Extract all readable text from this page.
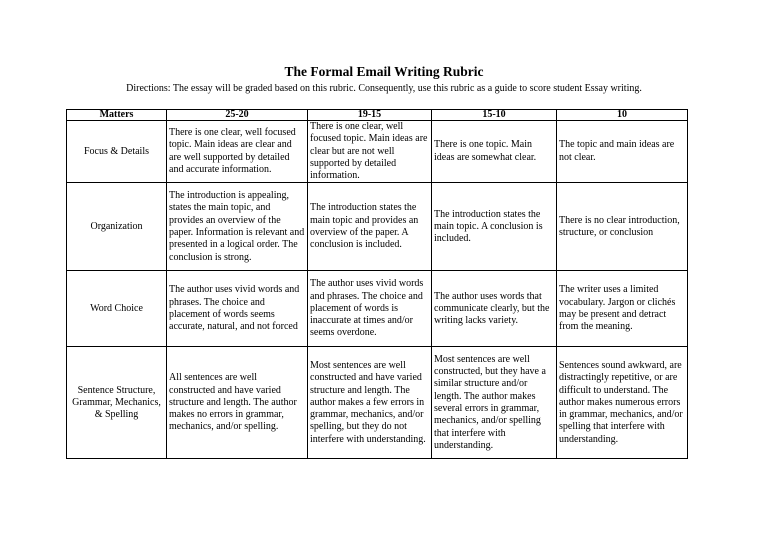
The Formal Email Writing Rubric
Directions: The essay will be graded based on this rubric. Consequently, use this rubric as a guide to score student Essay writing.
Matters	25-20	19-15	15-10	10
Focus & Details	There is one clear, well focused topic. Main ideas are clear and are well supported by detailed and accurate information.	There is one clear, well focused topic. Main ideas are clear but are not well supported by detailed information.	There is one topic. Main ideas are somewhat clear.	The topic and main ideas are not clear.
Organization	The introduction is appealing, states the main topic, and provides an overview of the paper. Information is relevant and presented in a logical order. The conclusion is strong.	The introduction states the main topic and provides an overview of the paper. A conclusion is included.	The introduction states the main topic. A conclusion is included.	There is no clear introduction, structure, or conclusion
Word Choice	The author uses vivid words and phrases. The choice and placement of words seems accurate, natural, and not forced	The author uses vivid words and phrases. The choice and placement of words is inaccurate at times and/or seems overdone.	The author uses words that communicate clearly, but the writing lacks variety.	The writer uses a limited vocabulary. Jargon or clichés may be present and detract from the meaning.
Sentence Structure, Grammar, Mechanics, & Spelling	All sentences are well constructed and have varied structure and length. The author makes no errors in grammar, mechanics, and/or spelling.	Most sentences are well constructed and have varied structure and length. The author makes a few errors in grammar, mechanics, and/or spelling, but they do not interfere with understanding.	Most sentences are well constructed, but they have a similar structure and/or length. The author makes several errors in grammar, mechanics, and/or spelling that interfere with understanding.	Sentences sound awkward, are distractingly repetitive, or are difficult to understand. The author makes numerous errors in grammar, mechanics, and/or spelling that interfere with understanding.
